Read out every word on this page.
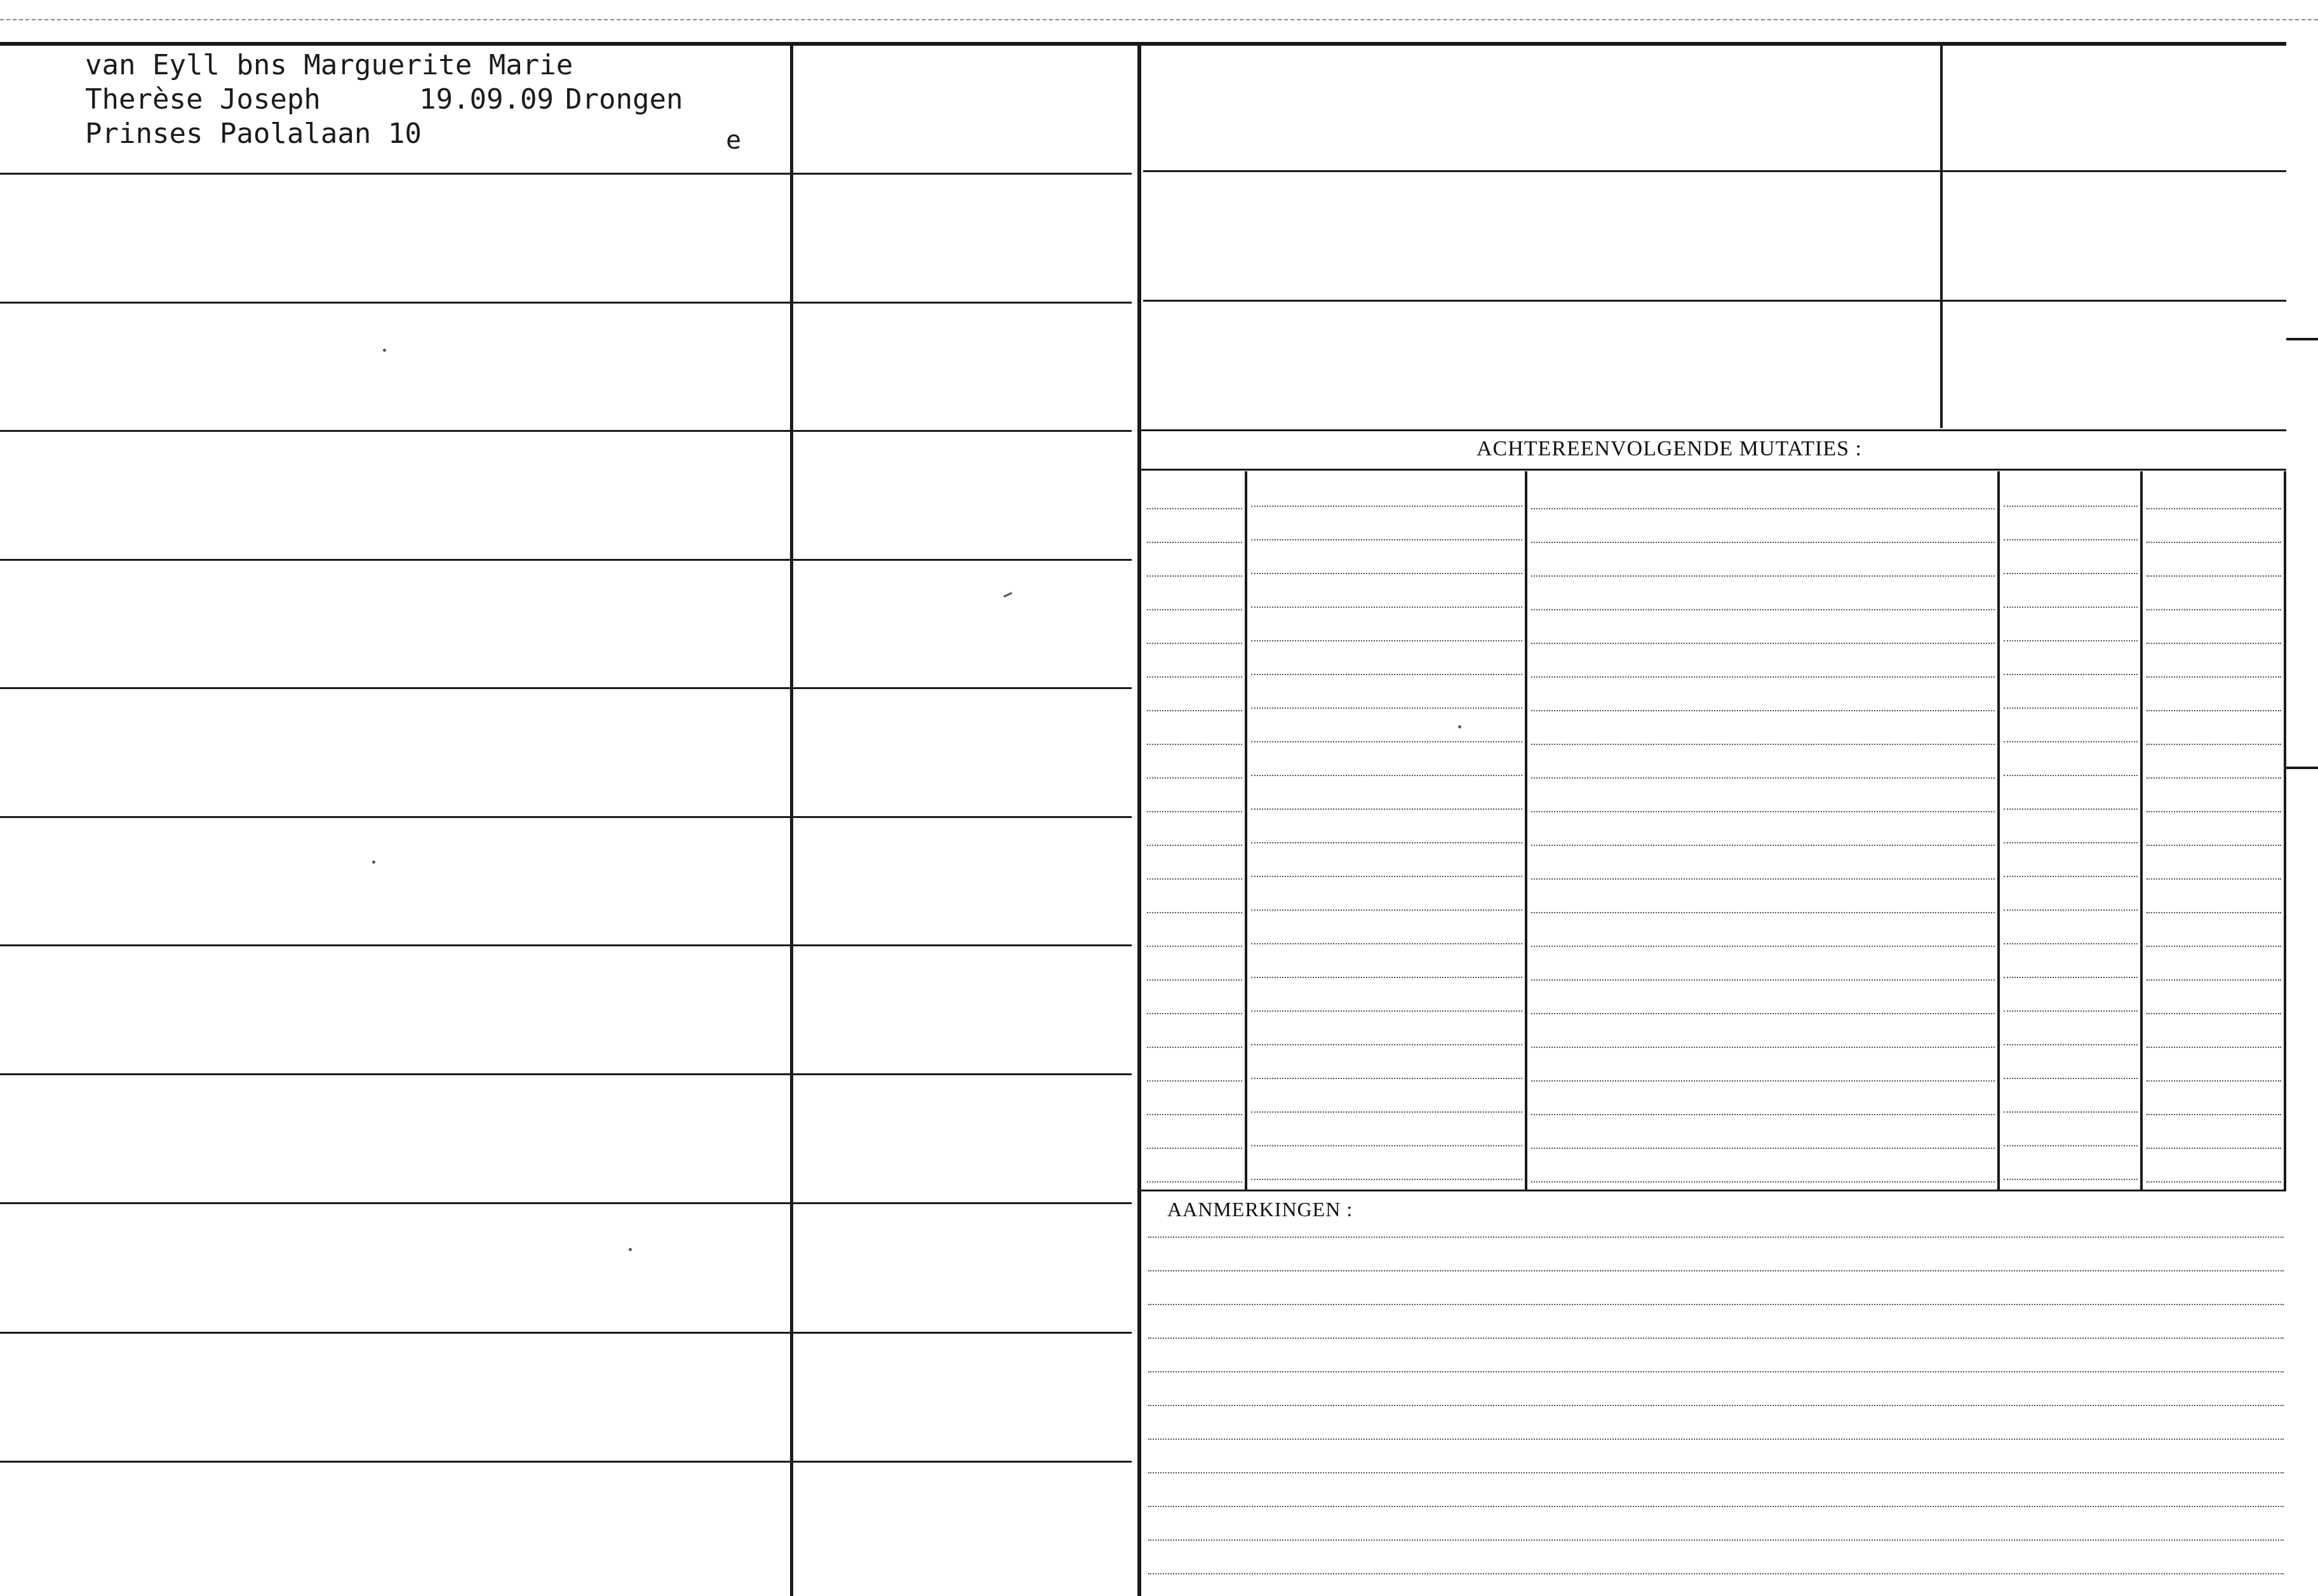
ACHTEREENVOLGENDE MUTATIES :
AANMERKINGEN :
van Eyll bns Marguerite Marie
Therèse Joseph	19.09.09 Drongen
Prinses Paolalaan 10	e
